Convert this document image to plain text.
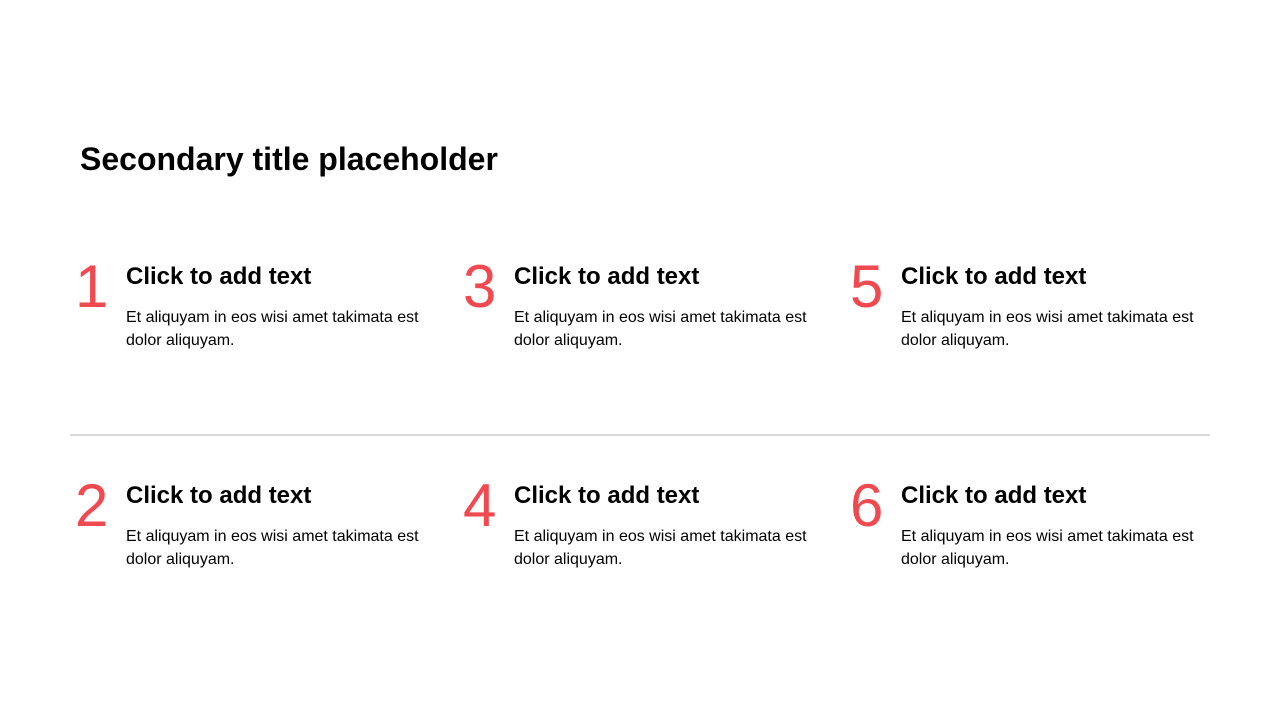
Secondary title placeholder
1 Click to add text
Et aliquyam in eos wisi amet takimata est dolor aliquyam.
2 Click to add text
Et aliquyam in eos wisi amet takimata est dolor aliquyam.
3 Click to add text
Et aliquyam in eos wisi amet takimata est dolor aliquyam.
4 Click to add text
Et aliquyam in eos wisi amet takimata est dolor aliquyam.
5 Click to add text
Et aliquyam in eos wisi amet takimata est dolor aliquyam.
6 Click to add text
Et aliquyam in eos wisi amet takimata est dolor aliquyam.
